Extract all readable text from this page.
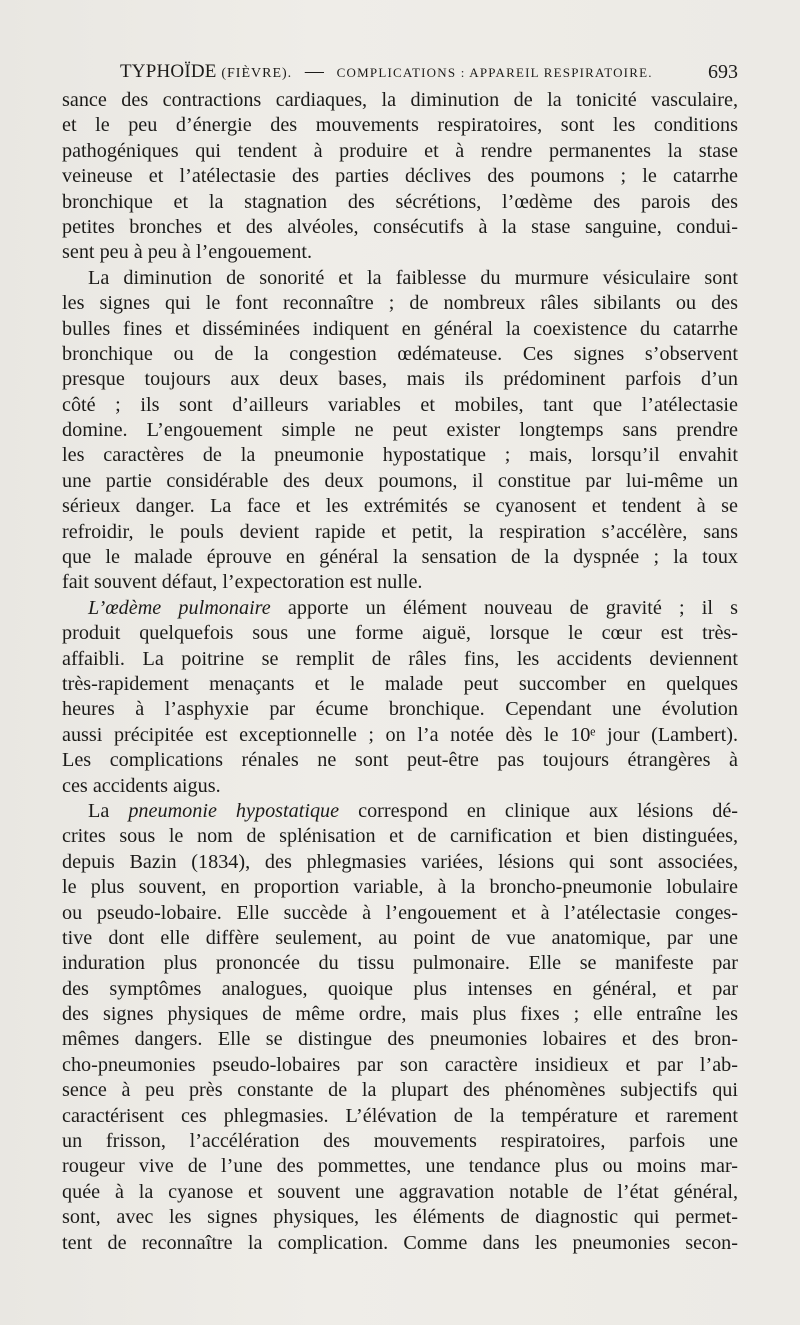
TYPHOÏDE (FIÈVRE). — COMPLICATIONS : APPAREIL RESPIRATOIRE.	693
sance des contractions cardiaques, la diminution de la tonicité vasculaire,
et le peu d’énergie des mouvements respiratoires, sont les conditions
pathogéniques qui tendent à produire et à rendre permanentes la stase
veineuse et l’atélectasie des parties déclives des poumons ; le catarrhe
bronchique et la stagnation des sécrétions, l’œdème des parois des
petites bronches et des alvéoles, consécutifs à la stase sanguine, condui-
sent peu à peu à l’engouement.
La diminution de sonorité et la faiblesse du murmure vésiculaire sont
les signes qui le font reconnaître ; de nombreux râles sibilants ou des
bulles fines et disséminées indiquent en général la coexistence du catarrhe
bronchique ou de la congestion œdémateuse. Ces signes s’observent
presque toujours aux deux bases, mais ils prédominent parfois d’un
côté ; ils sont d’ailleurs variables et mobiles, tant que l’atélectasie
domine. L’engouement simple ne peut exister longtemps sans prendre
les caractères de la pneumonie hypostatique ; mais, lorsqu’il envahit
une partie considérable des deux poumons, il constitue par lui-même un
sérieux danger. La face et les extrémités se cyanosent et tendent à se
refroidir, le pouls devient rapide et petit, la respiration s’accélère, sans
que le malade éprouve en général la sensation de la dyspnée ; la toux
fait souvent défaut, l’expectoration est nulle.
L’œdème pulmonaire apporte un élément nouveau de gravité ; il s
produit quelquefois sous une forme aiguë, lorsque le cœur est très-
affaibli. La poitrine se remplit de râles fins, les accidents deviennent
très-rapidement menaçants et le malade peut succomber en quelques
heures à l’asphyxie par écume bronchique. Cependant une évolution
aussi précipitée est exceptionnelle ; on l’a notée dès le 10ᵉ jour (Lambert).
Les complications rénales ne sont peut-être pas toujours étrangères à
ces accidents aigus.
La pneumonie hypostatique correspond en clinique aux lésions dé-
crites sous le nom de splénisation et de carnification et bien distinguées,
depuis Bazin (1834), des phlegmasies variées, lésions qui sont associées,
le plus souvent, en proportion variable, à la broncho-pneumonie lobulaire
ou pseudo-lobaire. Elle succède à l’engouement et à l’atélectasie conges-
tive dont elle diffère seulement, au point de vue anatomique, par une
induration plus prononcée du tissu pulmonaire. Elle se manifeste par
des symptômes analogues, quoique plus intenses en général, et par
des signes physiques de même ordre, mais plus fixes ; elle entraîne les
mêmes dangers. Elle se distingue des pneumonies lobaires et des bron-
cho-pneumonies pseudo-lobaires par son caractère insidieux et par l’ab-
sence à peu près constante de la plupart des phénomènes subjectifs qui
caractérisent ces phlegmasies. L’élévation de la température et rarement
un frisson, l’accélération des mouvements respiratoires, parfois une
rougeur vive de l’une des pommettes, une tendance plus ou moins mar-
quée à la cyanose et souvent une aggravation notable de l’état général,
sont, avec les signes physiques, les éléments de diagnostic qui permet-
tent de reconnaître la complication. Comme dans les pneumonies secon-
